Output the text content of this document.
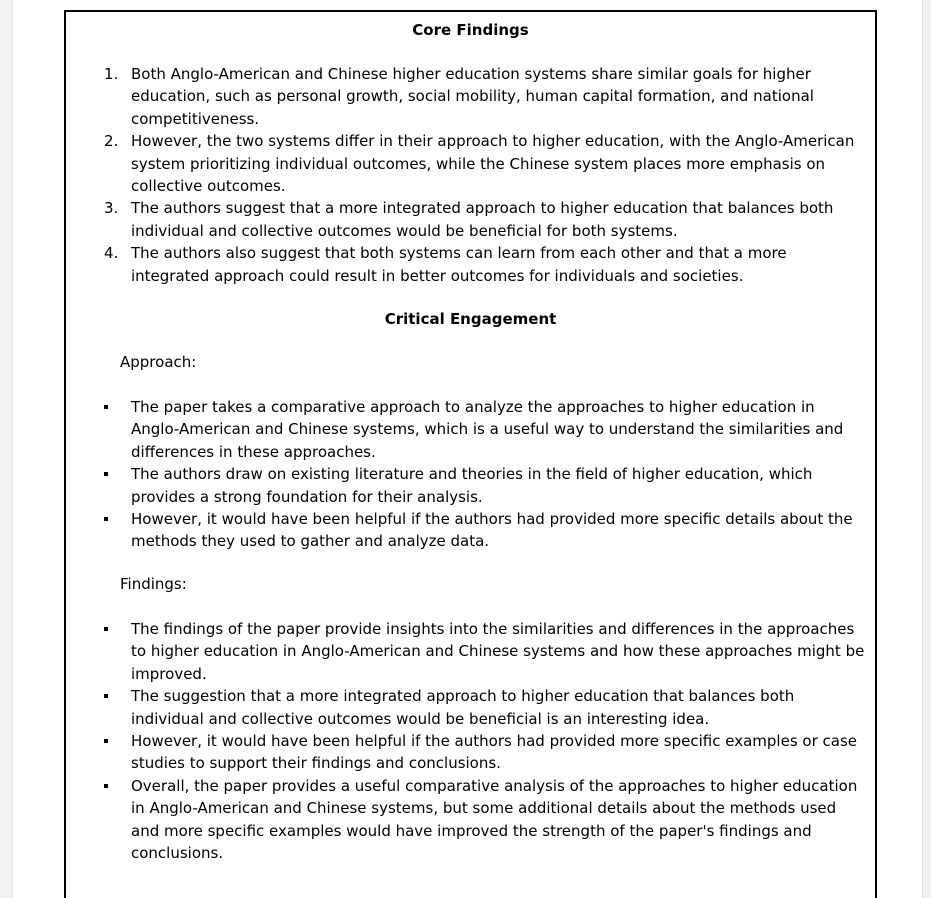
Core Findings
1. Both Anglo-American and Chinese higher education systems share similar goals for higher education, such as personal growth, social mobility, human capital formation, and national competitiveness.
2. However, the two systems differ in their approach to higher education, with the Anglo-American system prioritizing individual outcomes, while the Chinese system places more emphasis on collective outcomes.
3. The authors suggest that a more integrated approach to higher education that balances both individual and collective outcomes would be beneficial for both systems.
4. The authors also suggest that both systems can learn from each other and that a more integrated approach could result in better outcomes for individuals and societies.
Critical Engagement
Approach:
The paper takes a comparative approach to analyze the approaches to higher education in Anglo-American and Chinese systems, which is a useful way to understand the similarities and differences in these approaches.
The authors draw on existing literature and theories in the field of higher education, which provides a strong foundation for their analysis.
However, it would have been helpful if the authors had provided more specific details about the methods they used to gather and analyze data.
Findings:
The findings of the paper provide insights into the similarities and differences in the approaches to higher education in Anglo-American and Chinese systems and how these approaches might be improved.
The suggestion that a more integrated approach to higher education that balances both individual and collective outcomes would be beneficial is an interesting idea.
However, it would have been helpful if the authors had provided more specific examples or case studies to support their findings and conclusions.
Overall, the paper provides a useful comparative analysis of the approaches to higher education in Anglo-American and Chinese systems, but some additional details about the methods used and more specific examples would have improved the strength of the paper's findings and conclusions.
